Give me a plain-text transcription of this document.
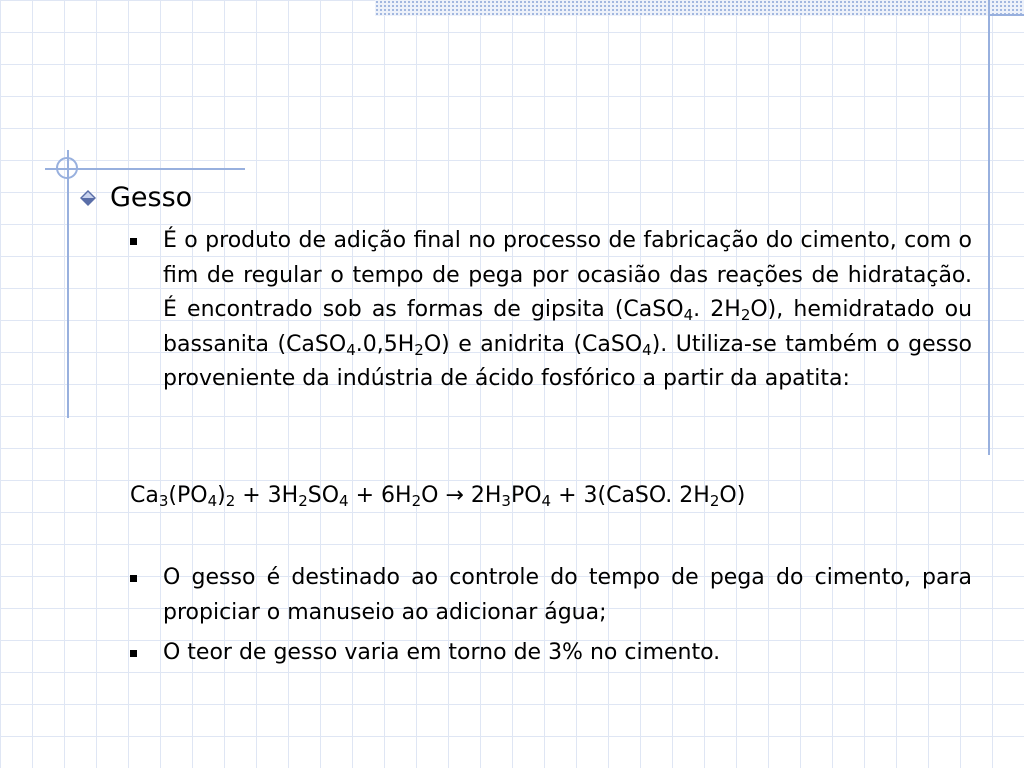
Gesso
É o produto de adição final no processo de fabricação do cimento, com o fim de regular o tempo de pega por ocasião das reações de hidratação. É encontrado sob as formas de gipsita (CaSO$_4$. $2H_2O$), hemidratado ou bassanita $(CaSO_4.0,5H_2O)$ e anidrita (CaSO$_4$). Utiliza-se também o gesso proveniente da indústria de ácido fosfórico a partir da apatita:
$Ca_3(PO_4)_2 + 3H_2SO_4 + 6H_2O \to 2H_3PO_4$ + 3(CaSO. $2H_2O$)
O gesso é destinado ao controle do tempo de pega do cimento, para propiciar o manuseio ao adicionar água;
O teor de gesso varia em torno de 3% no cimento.
